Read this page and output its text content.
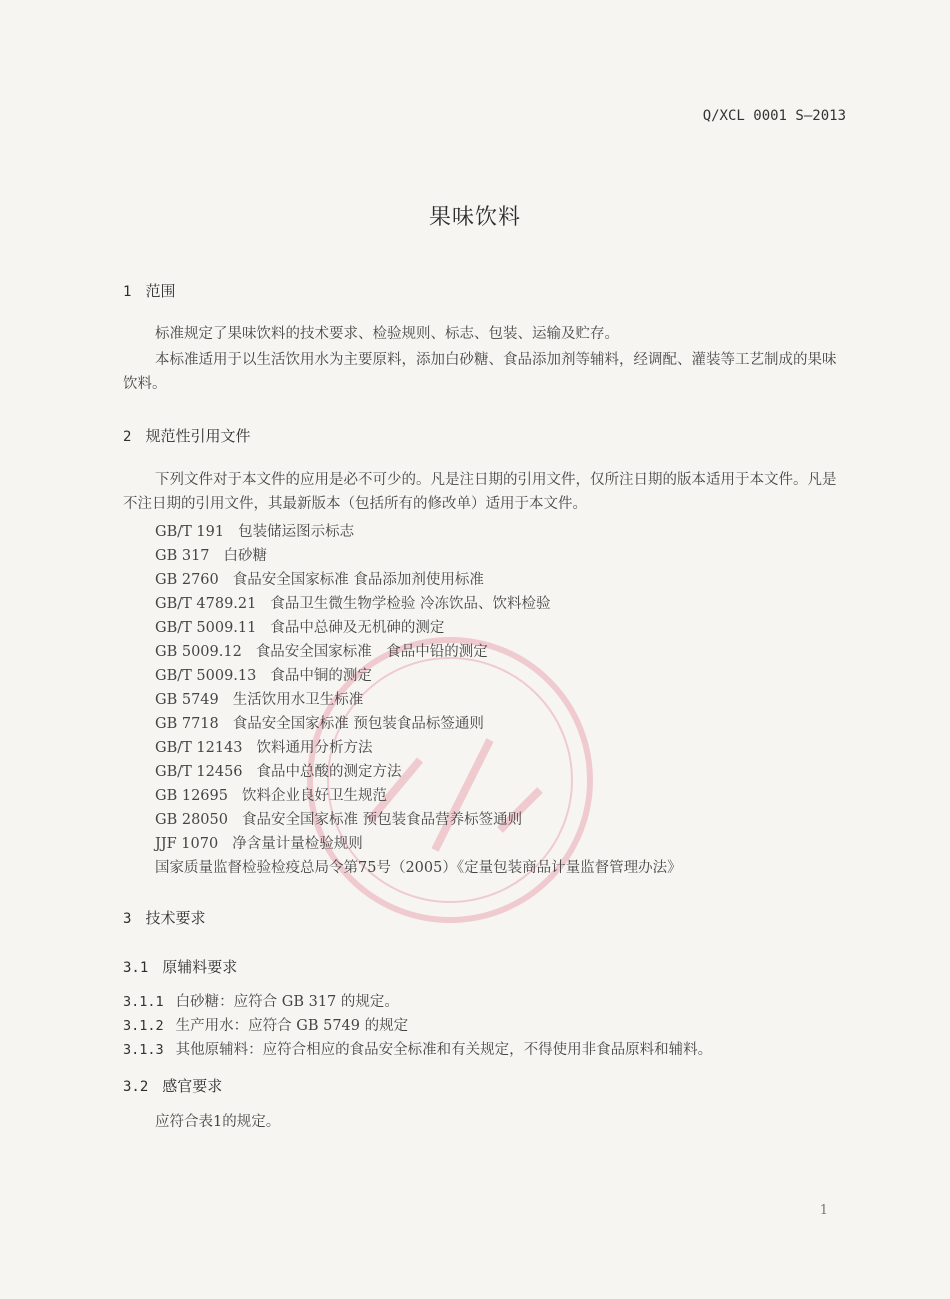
Q/XCL 0001 S—2013
果味饮料
1 范围
标准规定了果味饮料的技术要求、检验规则、标志、包装、运输及贮存。
本标准适用于以生活饮用水为主要原料，添加白砂糖、食品添加剂等辅料，经调配、灌装等工艺制成的果味饮料。
2 规范性引用文件
下列文件对于本文件的应用是必不可少的。凡是注日期的引用文件，仅所注日期的版本适用于本文件。凡是不注日期的引用文件，其最新版本（包括所有的修改单）适用于本文件。
GB/T 191 包装储运图示标志
GB 317 白砂糖
GB 2760 食品安全国家标准 食品添加剂使用标准
GB/T 4789.21 食品卫生微生物学检验 冷冻饮品、饮料检验
GB/T 5009.11 食品中总砷及无机砷的测定
GB 5009.12 食品安全国家标准　食品中铅的测定
GB/T 5009.13 食品中铜的测定
GB 5749 生活饮用水卫生标准
GB 7718 食品安全国家标准 预包装食品标签通则
GB/T 12143 饮料通用分析方法
GB/T 12456 食品中总酸的测定方法
GB 12695 饮料企业良好卫生规范
GB 28050 食品安全国家标准 预包装食品营养标签通则
JJF 1070 净含量计量检验规则
国家质量监督检验检疫总局令第75号（2005）《定量包装商品计量监督管理办法》
3 技术要求
3.1 原辅料要求
3.1.1 白砂糖：应符合 GB 317 的规定。
3.1.2 生产用水：应符合 GB 5749 的规定
3.1.3 其他原辅料：应符合相应的食品安全标准和有关规定，不得使用非食品原料和辅料。
3.2 感官要求
应符合表1的规定。
1
